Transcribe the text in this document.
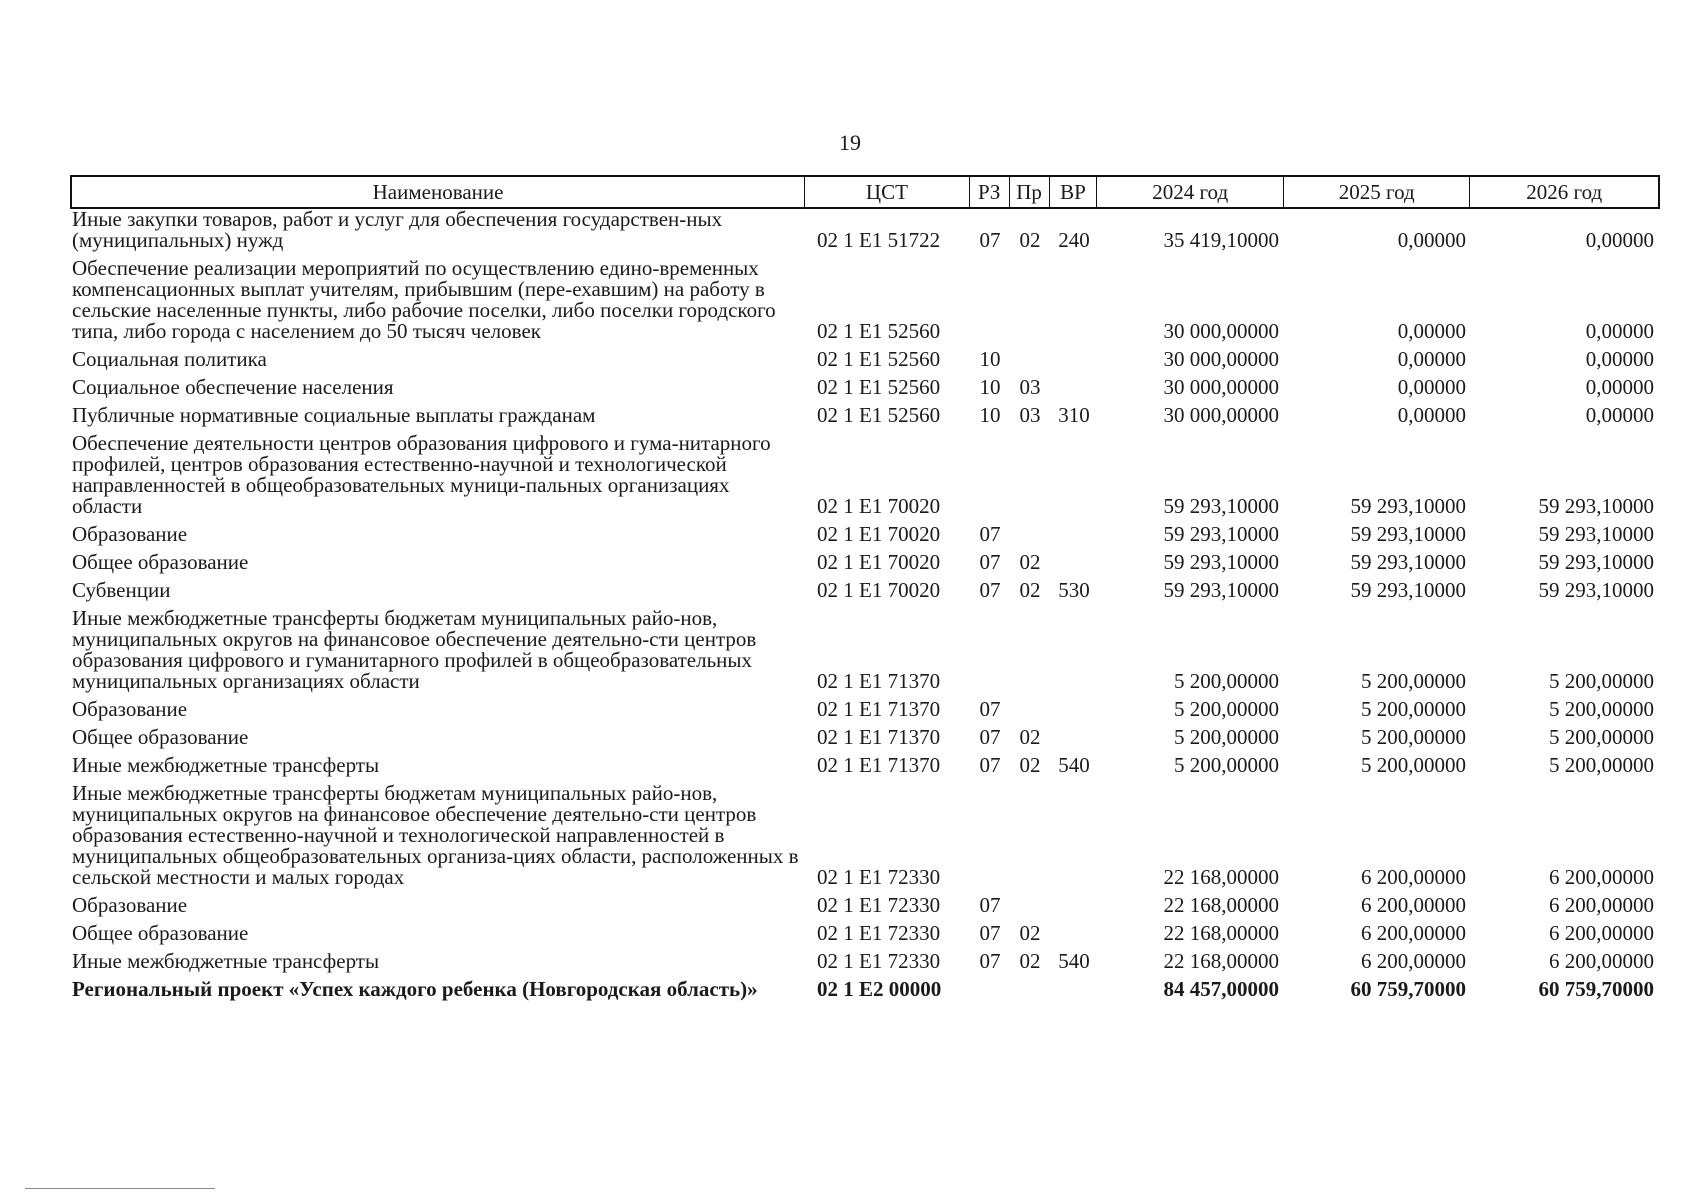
19
Наименование	ЦСТ	РЗ Пр ВР	2024 год	2025 год	2026 год
Иные закупки товаров, работ и услуг для обеспечения государствен-ных (муниципальных) нужд	02 1 E1 51722	07 02 240	35 419,10000	0,00000	0,00000
Обеспечение реализации мероприятий по осуществлению едино-временных компенсационных выплат учителям, прибывшим (пере-ехавшим) на работу в сельские населенные пункты, либо рабочие поселки, либо поселки городского типа, либо города с населением до 50 тысяч человек	02 1 E1 52560	30 000,00000	0,00000	0,00000
Социальная политика	02 1 E1 52560	10	30 000,00000	0,00000	0,00000
Социальное обеспечение населения	02 1 E1 52560	10 03	30 000,00000	0,00000	0,00000
Публичные нормативные социальные выплаты гражданам	02 1 E1 52560	10 03 310	30 000,00000	0,00000	0,00000
Обеспечение деятельности центров образования цифрового и гума-нитарного профилей, центров образования естественно-научной и технологической направленностей в общеобразовательных муници-пальных организациях области	02 1 E1 70020	59 293,10000	59 293,10000	59 293,10000
Образование	02 1 E1 70020	07	59 293,10000	59 293,10000	59 293,10000
Общее образование	02 1 E1 70020	07 02	59 293,10000	59 293,10000	59 293,10000
Субвенции	02 1 E1 70020	07 02 530	59 293,10000	59 293,10000	59 293,10000
Иные межбюджетные трансферты бюджетам муниципальных райо-нов, муниципальных округов на финансовое обеспечение деятельно-сти центров образования цифрового и гуманитарного профилей в общеобразовательных муниципальных организациях области	02 1 E1 71370	5 200,00000	5 200,00000	5 200,00000
Образование	02 1 E1 71370	07	5 200,00000	5 200,00000	5 200,00000
Общее образование	02 1 E1 71370	07 02	5 200,00000	5 200,00000	5 200,00000
Иные межбюджетные трансферты	02 1 E1 71370	07 02 540	5 200,00000	5 200,00000	5 200,00000
Иные межбюджетные трансферты бюджетам муниципальных райо-нов, муниципальных округов на финансовое обеспечение деятельно-сти центров образования естественно-научной и технологической направленностей в муниципальных общеобразовательных организа-циях области, расположенных в сельской местности и малых городах	02 1 E1 72330	22 168,00000	6 200,00000	6 200,00000
Образование	02 1 E1 72330	07	22 168,00000	6 200,00000	6 200,00000
Общее образование	02 1 E1 72330	07 02	22 168,00000	6 200,00000	6 200,00000
Иные межбюджетные трансферты	02 1 E1 72330	07 02 540	22 168,00000	6 200,00000	6 200,00000
Региональный проект «Успех каждого ребенка (Новгородская область)»	02 1 E2 00000	84 457,00000	60 759,70000	60 759,70000
